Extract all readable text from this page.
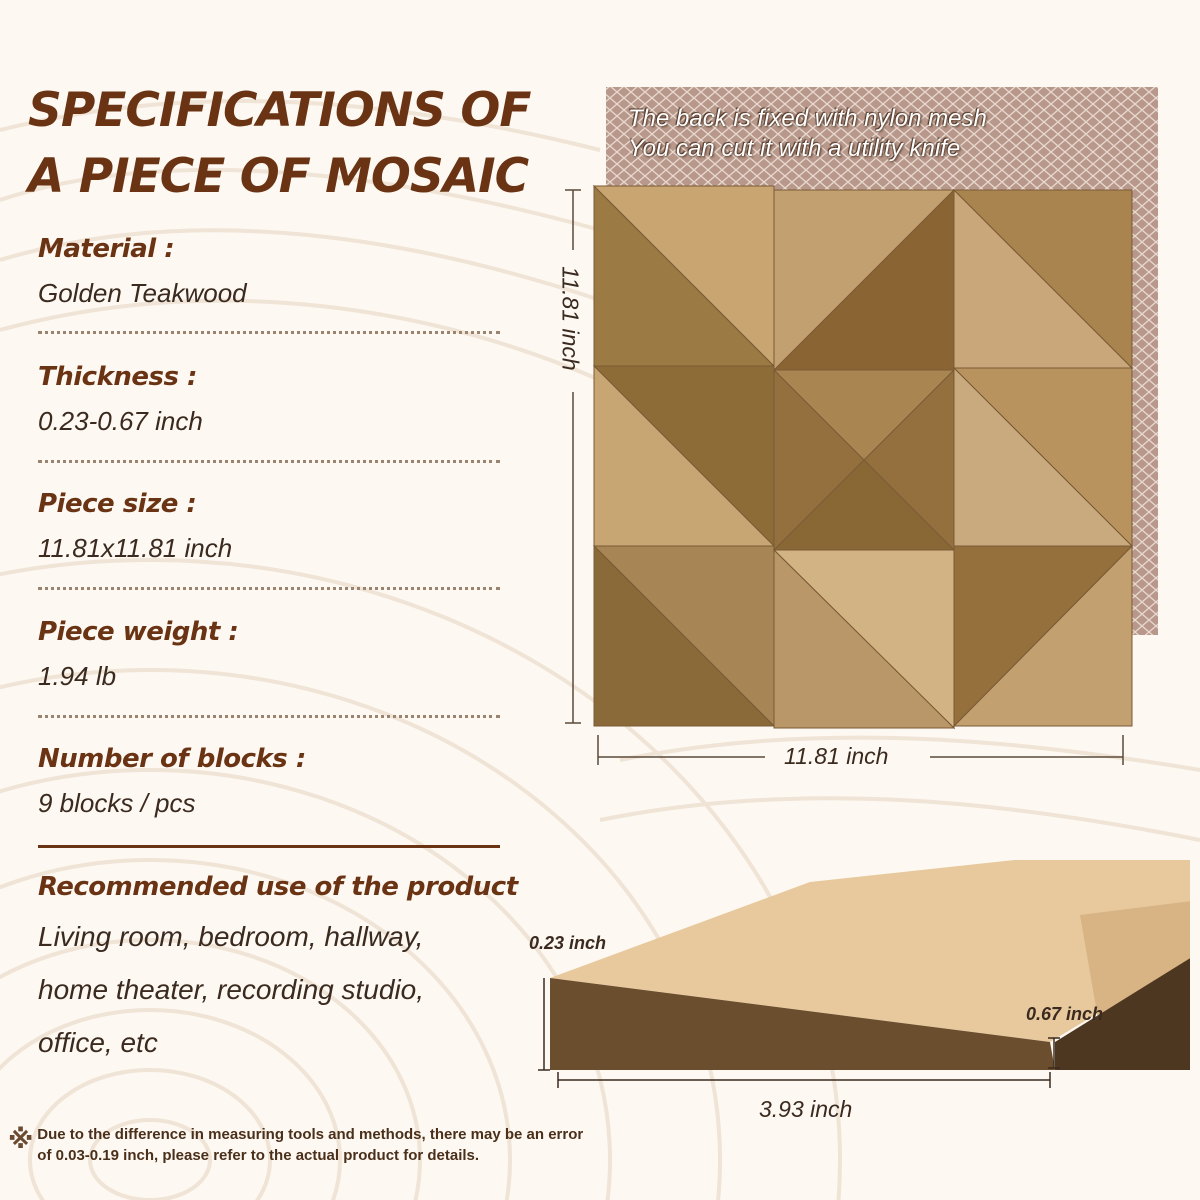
SPECIFICATIONS OF
A PIECE OF MOSAIC
Material :
Golden Teakwood
Thickness :
0.23-0.67 inch
Piece size :
11.81x11.81 inch
Piece weight :
1.94 lb
Number of blocks :
9 blocks / pcs
Recommended use of the product
Living room, bedroom, hallway,
home theater, recording studio,
office, etc
The back is fixed with nylon mesh
You can cut it with a utility knife
11.81 inch
11.81 inch
0.23 inch
0.67 inch
3.93 inch
※ Due to the difference in measuring tools and methods, there may be an error of 0.03-0.19 inch, please refer to the actual product for details.
